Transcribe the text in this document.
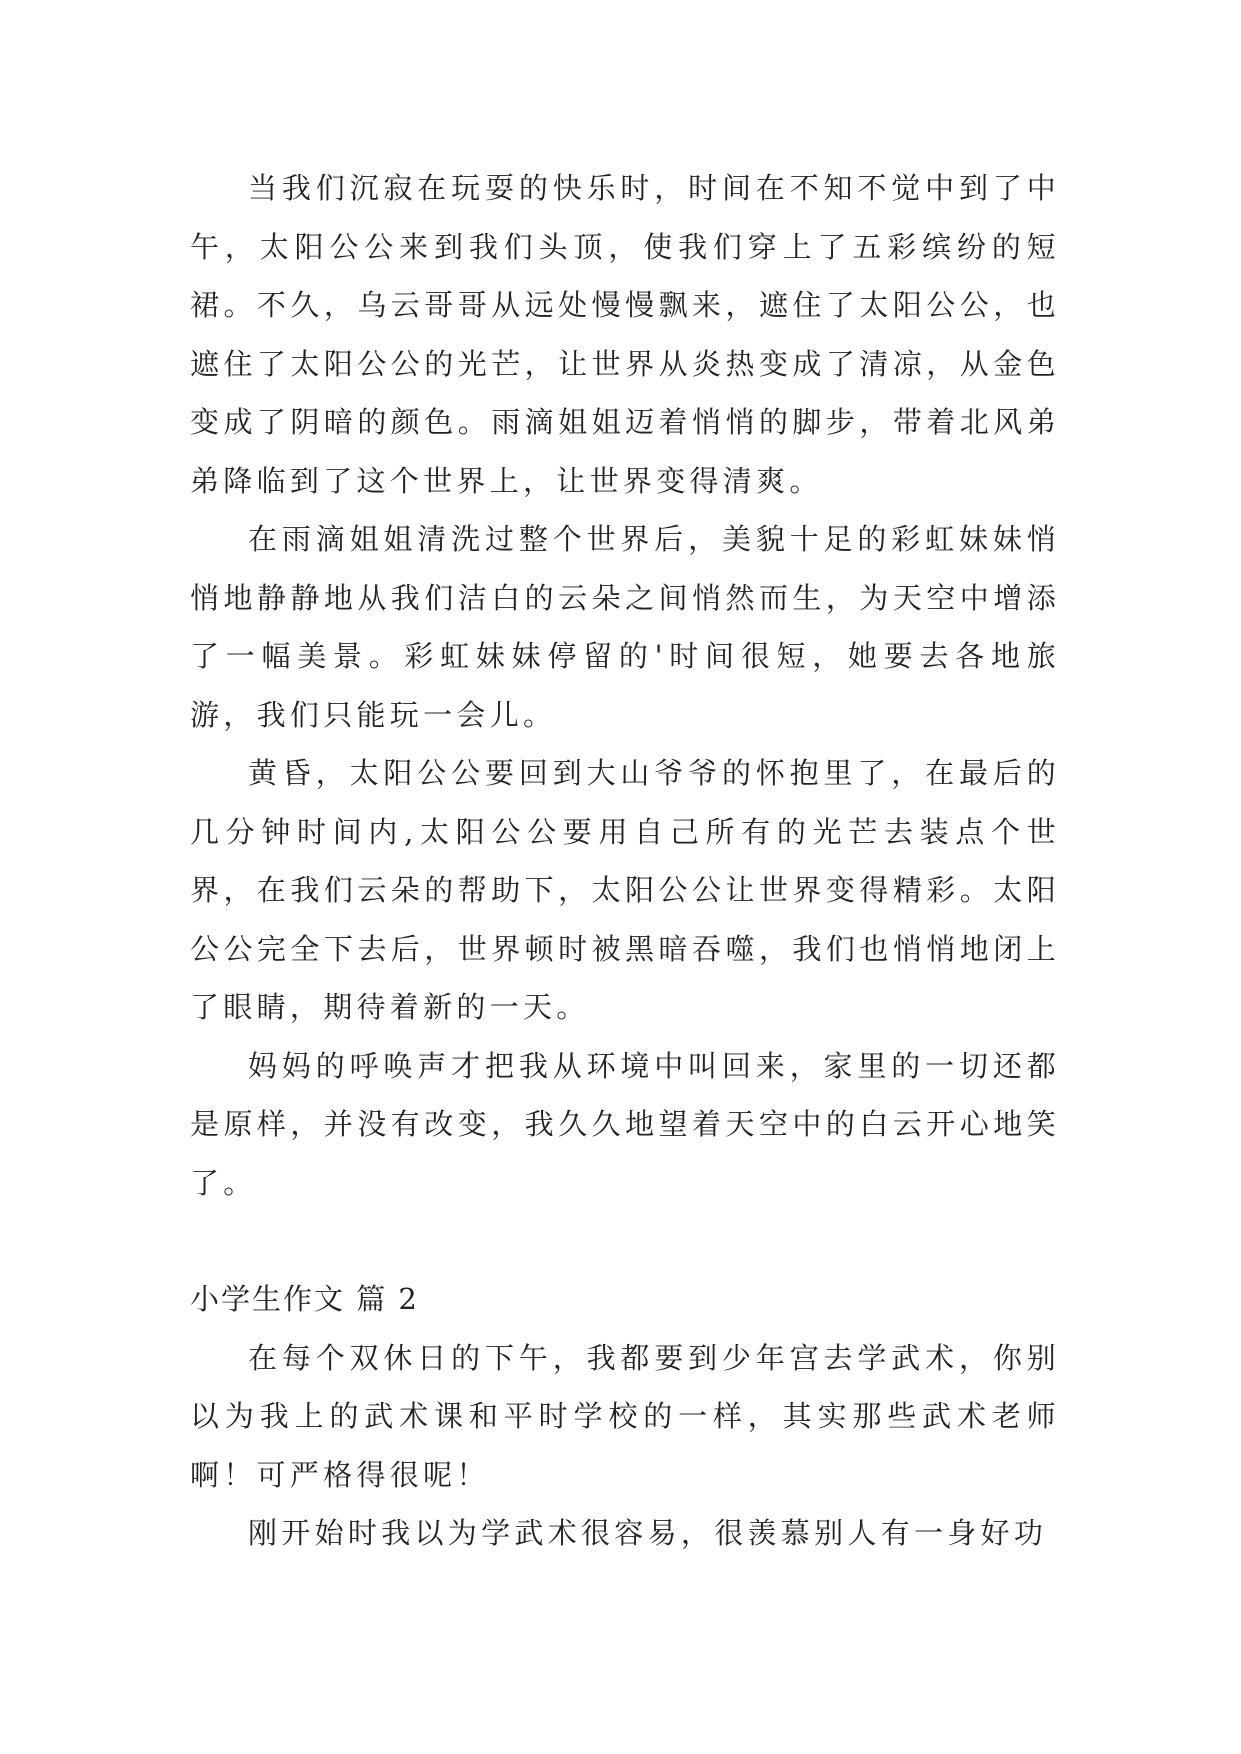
当我们沉寂在玩耍的快乐时，时间在不知不觉中到了中午，太阳公公来到我们头顶，使我们穿上了五彩缤纷的短裙。不久，乌云哥哥从远处慢慢飘来，遮住了太阳公公，也遮住了太阳公公的光芒，让世界从炎热变成了清凉，从金色变成了阴暗的颜色。雨滴姐姐迈着悄悄的脚步，带着北风弟弟降临到了这个世界上，让世界变得清爽。

在雨滴姐姐清洗过整个世界后，美貌十足的彩虹妹妹悄悄地静静地从我们洁白的云朵之间悄然而生，为天空中增添了一幅美景。彩虹妹妹停留的'时间很短，她要去各地旅游，我们只能玩一会儿。

黄昏，太阳公公要回到大山爷爷的怀抱里了，在最后的几分钟时间内,太阳公公要用自己所有的光芒去装点个世界，在我们云朵的帮助下，太阳公公让世界变得精彩。太阳公公完全下去后，世界顿时被黑暗吞噬，我们也悄悄地闭上了眼睛，期待着新的一天。

妈妈的呼唤声才把我从环境中叫回来，家里的一切还都是原样，并没有改变，我久久地望着天空中的白云开心地笑了。

小学生作文 篇 2

在每个双休日的下午，我都要到少年宫去学武术，你别以为我上的武术课和平时学校的一样，其实那些武术老师啊！可严格得很呢！

刚开始时我以为学武术很容易，很羡慕别人有一身好功
